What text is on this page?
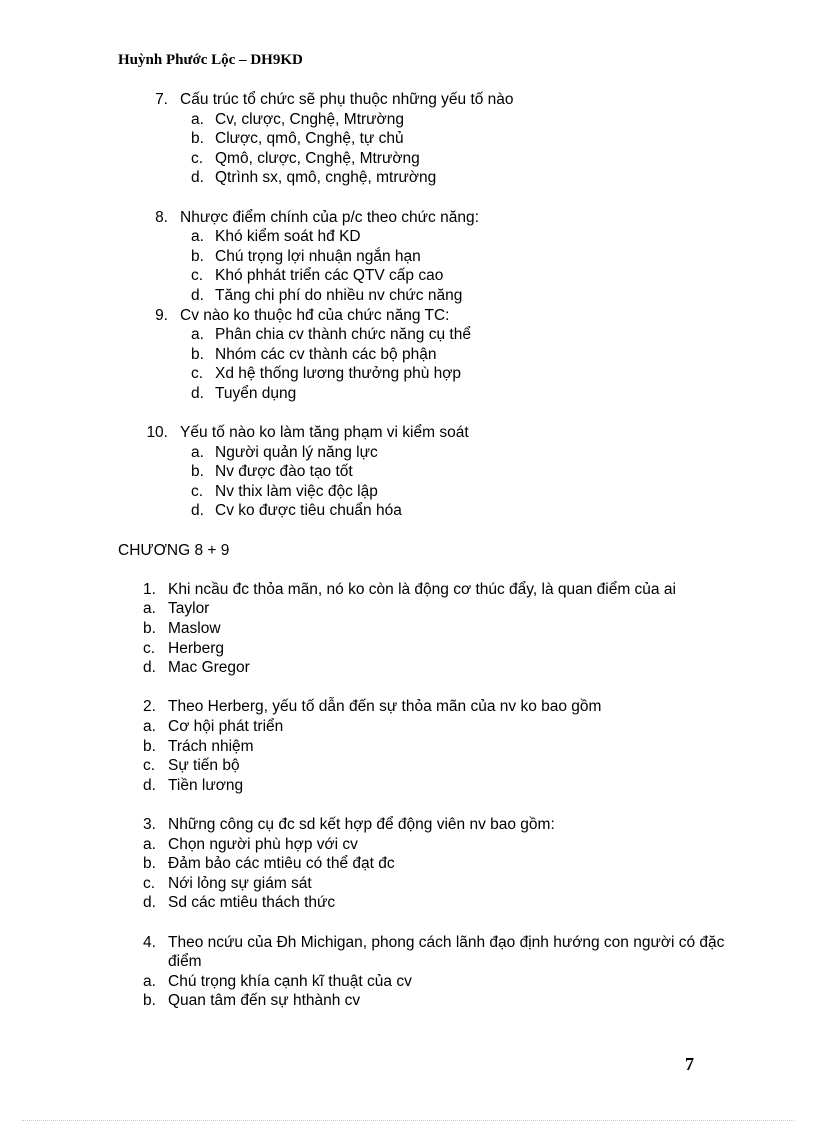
Huỳnh Phước Lộc – DH9KD
7. Cấu trúc tổ chức sẽ phụ thuộc những yếu tố nào
a. Cv, clược, Cnghệ, Mtrường
b. Clược, qmô, Cnghệ, tự chủ
c. Qmô, clược, Cnghệ, Mtrường
d. Qtrình sx, qmô, cnghệ, mtrường
8. Nhược điểm chính của p/c theo chức năng:
a. Khó kiểm soát hđ KD
b. Chú trọng lợi nhuận ngắn hạn
c. Khó phhát triển các QTV cấp cao
d. Tăng chi phí do nhiều nv chức năng
9. Cv nào ko thuộc hđ của chức năng TC:
a. Phân chia cv thành chức năng cụ thể
b. Nhóm các cv thành các bộ phận
c. Xd hệ thống lương thưởng phù hợp
d. Tuyển dụng
10. Yếu tố nào ko làm tăng phạm vi kiểm soát
a. Người quản lý năng lực
b. Nv được đào tạo tốt
c. Nv thix làm việc độc lập
d. Cv ko được tiêu chuẩn hóa
CHƯƠNG 8 + 9
1. Khi ncầu đc thỏa mãn, nó ko còn là động cơ thúc đẩy, là quan điểm của ai
a. Taylor
b. Maslow
c. Herberg
d. Mac Gregor
2. Theo Herberg, yếu tố dẫn đến sự thỏa mãn của nv ko bao gồm
a. Cơ hội phát triển
b. Trách nhiệm
c. Sự tiến bộ
d. Tiền lương
3. Những công cụ đc sd kết hợp để động viên nv bao gồm:
a. Chọn người phù hợp với cv
b. Đảm bảo các mtiêu có thể đạt đc
c. Nới lỏng sự giám sát
d. Sd các mtiêu thách thức
4. Theo ncứu của Đh Michigan, phong cách lãnh đạo định hướng con người có đặc điểm
a. Chú trọng khía cạnh kĩ thuật của cv
b. Quan tâm đến sự hthành cv
7
